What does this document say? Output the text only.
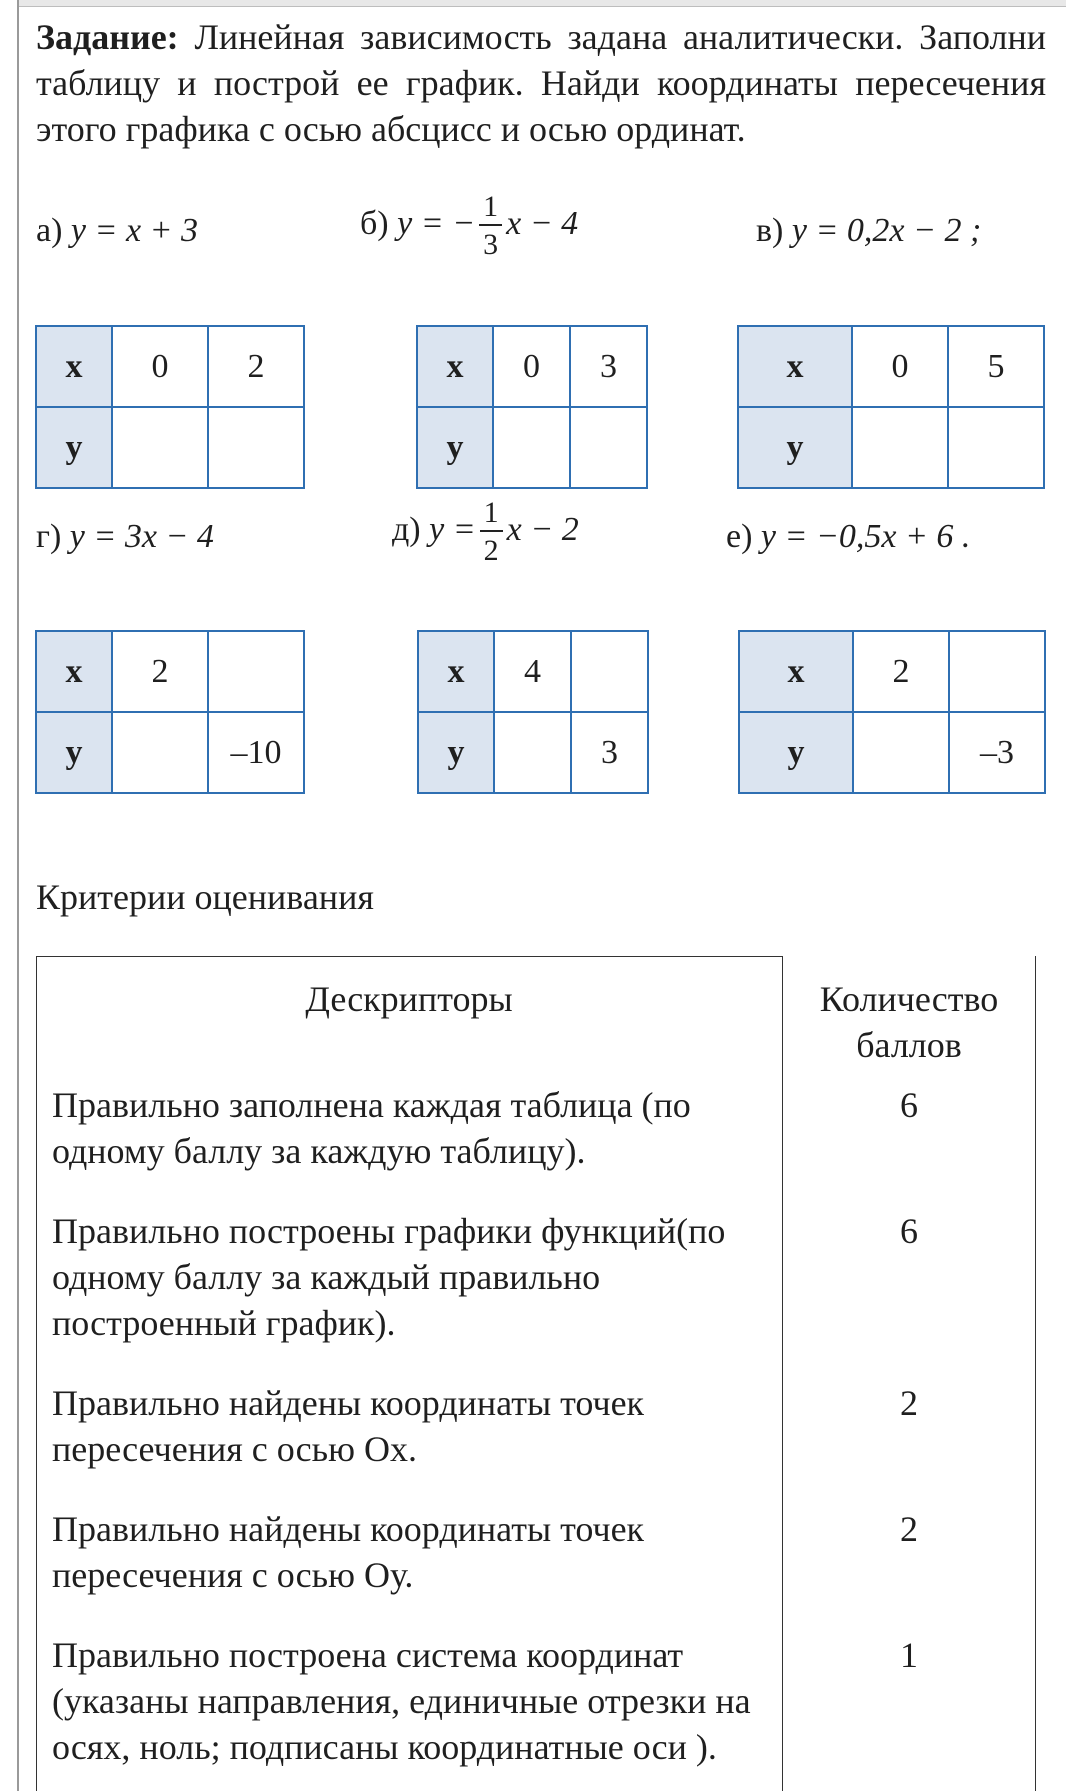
Задание: Линейная зависимость задана аналитически. Заполни таблицу и построй ее график. Найди координаты пересечения этого графика с осью абсцисс и осью ординат.

а) y = x + 3	б) y = − $\frac{1}{3}$ x − 4	в) y = 0,2x − 2 ;
x	0	2
y		
x	0	3
y		
x	0	5
y		
г) y = 3x − 4	д) $y = \frac{1}{2}$ x − 2	е) y = −0,5x + 6 .
x	2	
y		–10
x	4	
y		3
x	2	
y		–3
Критерии оценивания
Дескрипторы	Количество
баллов
Правильно заполнена каждая таблица (по
одному баллу за каждую таблицу).
6
Правильно построены графики функций(по
одному баллу за каждый правильно
построенный график).
6
Правильно найдены координаты точек
пересечения с осью Ох.
2
Правильно найдены координаты точек
пересечения с осью Оу.
2
Правильно построена система координат
(указаны направления, единичные отрезки на
осях, ноль; подписаны координатные оси ).
1
